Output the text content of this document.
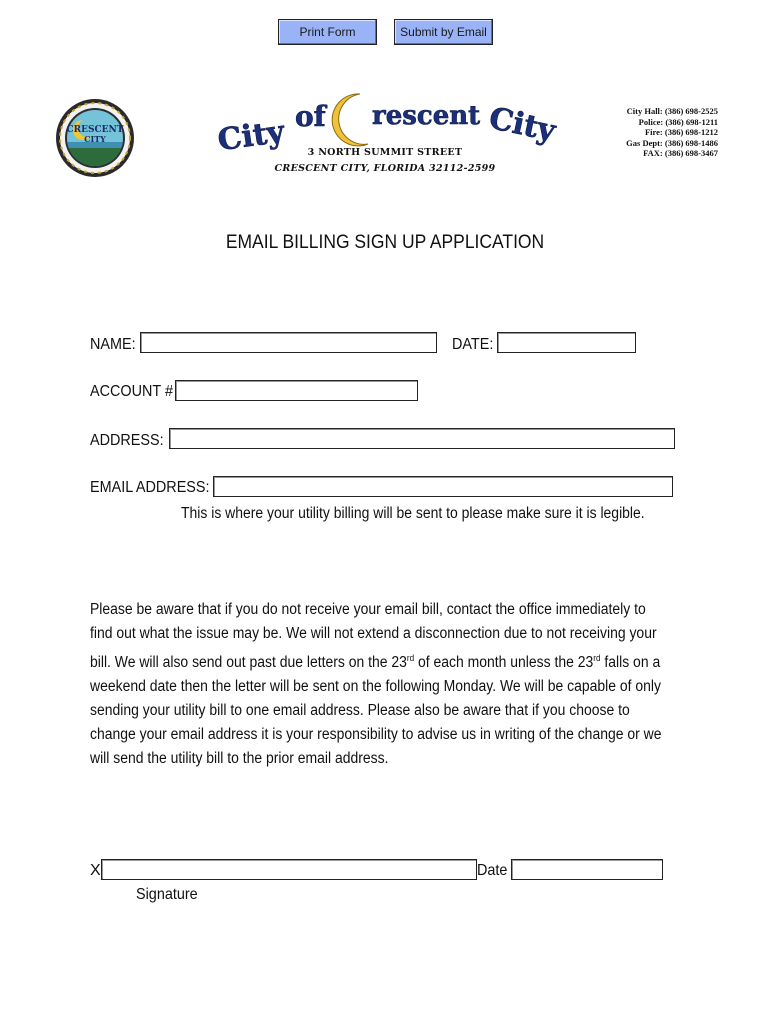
Print Form	Submit by Email
CRESCENT
CITY	City of rescent City
3 NORTH SUMMIT STREET
CRESCENT CITY, FLORIDA 32112-2599
City Hall: (386) 698-2525
Police: (386) 698-1211
Fire: (386) 698-1212
Gas Dept: (386) 698-1486
FAX: (386) 698-3467
EMAIL BILLING SIGN UP APPLICATION
NAME:	DATE:
ACCOUNT #
ADDRESS:
EMAIL ADDRESS:
This is where your utility billing will be sent to please make sure it is legible.
Please be aware that if you do not receive your email bill, contact the office immediately to find out what the issue may be. We will not extend a disconnection due to not receiving your bill. We will also send out past due letters on the 23rd of each month unless the 23rd falls on a weekend date then the letter will be sent on the following Monday. We will be capable of only sending your utility bill to one email address. Please also be aware that if you choose to change your email address it is your responsibility to advise us in writing of the change or we will send the utility bill to the prior email address.
X	Date
Signature
